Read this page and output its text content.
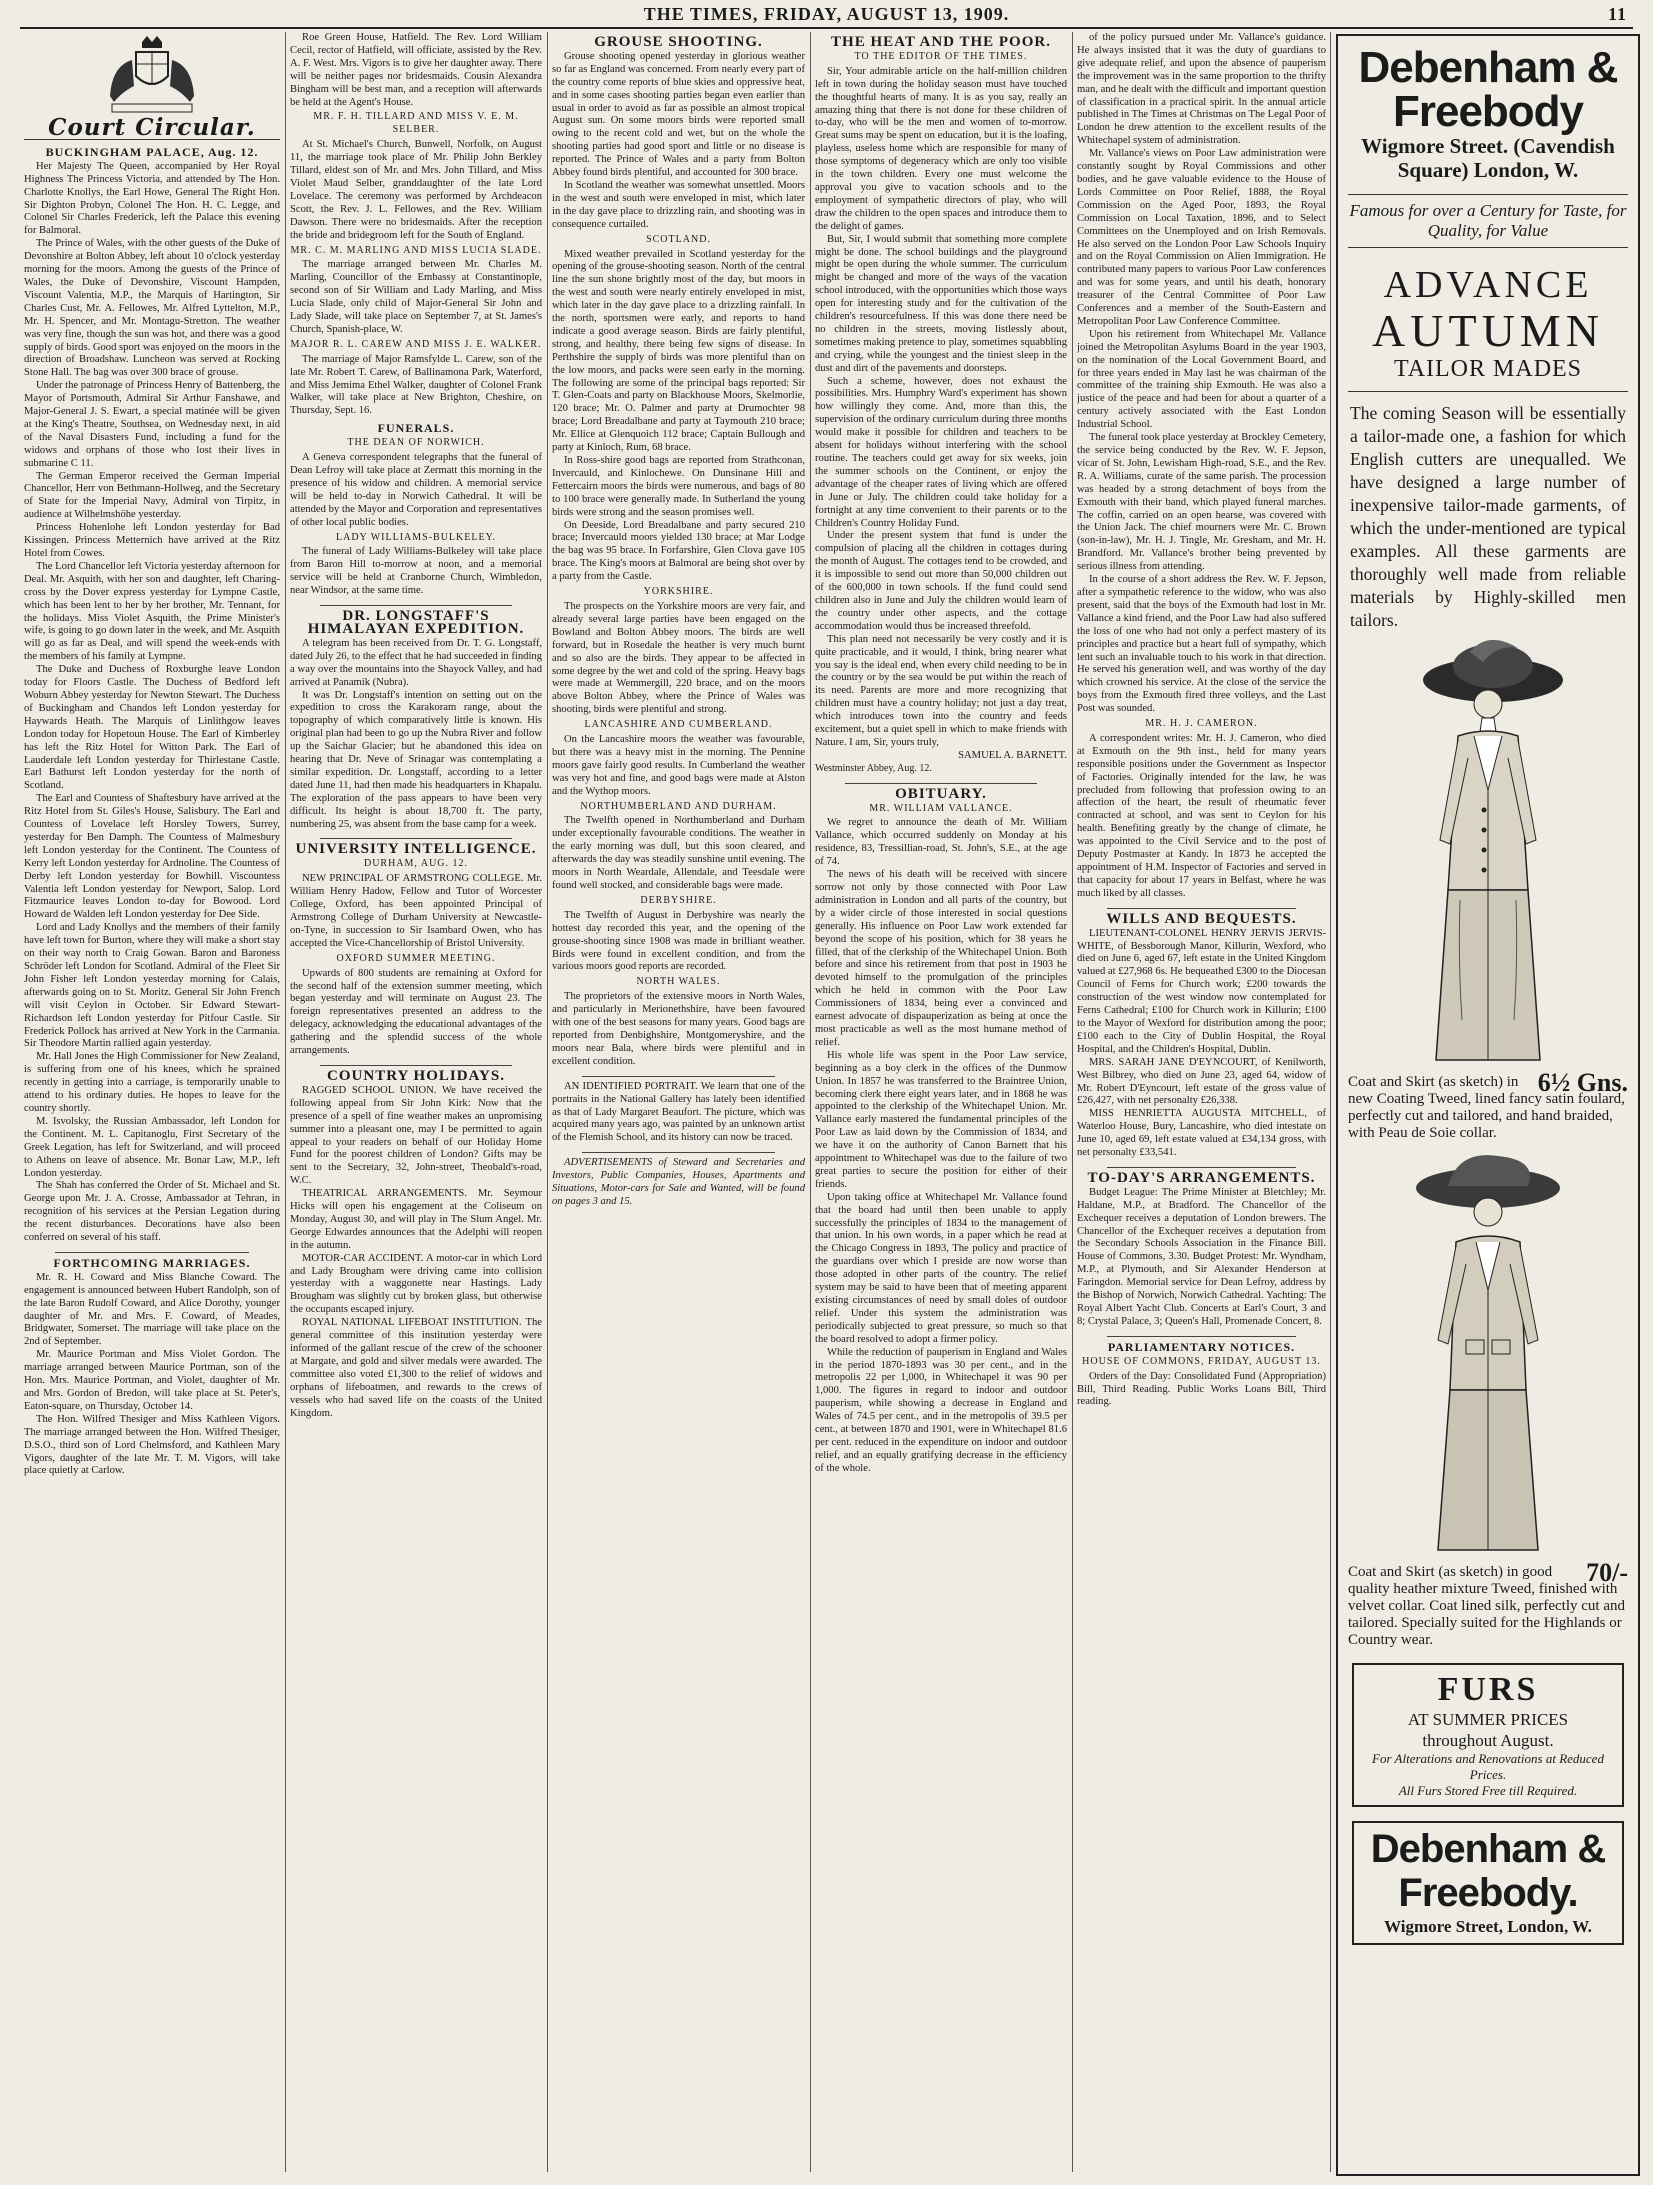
THE TIMES, FRIDAY, AUGUST 13, 1909.	11
Court Circular.
BUCKINGHAM PALACE, Aug. 12.

Her Majesty The Queen, accompanied by Her Royal Highness The Princess Victoria, and attended by The Hon. Charlotte Knollys, the Earl Howe, General The Right Hon. Sir Dighton Probyn, Colonel The Hon. H. C. Legge, and Colonel Sir Charles Frederick, left the Palace this evening for Balmoral.

The Prince of Wales, with the other guests of the Duke of Devonshire at Bolton Abbey, left about 10 o'clock yesterday morning for the moors. Among the guests of the Prince of Wales, the Duke of Devonshire, Viscount Hampden, Viscount Valentia, M.P., the Marquis of Hartington, Sir Charles Cust, Mr. A. Fellowes, Mr. Alfred Lyttelton, M.P., Mr. H. Spencer, and Mr. Montagu-Stretton. The weather was very fine, though the sun was hot, and there was a good supply of birds. Good sport was enjoyed on the moors in the direction of Broadshaw. Luncheon was served at Rocking Stone Hall. The bag was over 300 brace of grouse.

Under the patronage of Princess Henry of Battenberg, the Mayor of Portsmouth, Admiral Sir Arthur Fanshawe, and Major-General J. S. Ewart, a special matinée will be given at the King's Theatre, Southsea, on Wednesday next, in aid of the Naval Disasters Fund, including a fund for the widows and orphans of those who lost their lives in submarine C 11.

The German Emperor received the German Imperial Chancellor, Herr von Bethmann-Hollweg, and the Secretary of State for the Imperial Navy, Admiral von Tirpitz, in audience at Wilhelmshöhe yesterday.

Princess Hohenlohe left London yesterday for Bad Kissingen. Princess Metternich have arrived at the Ritz Hotel from Cowes.

The Lord Chancellor left Victoria yesterday afternoon for Deal. Mr. Asquith, with her son and daughter, left Charing-cross by the Dover express yesterday for Lympne Castle, which has been lent to her by her brother, Mr. Tennant, for the holidays. Miss Violet Asquith, the Prime Minister's wife, is going to go down later in the week, and Mr. Asquith will go as far as Deal, and will spend the week-ends with the members of his family at Lympne.

The Duke and Duchess of Roxburghe leave London today for Floors Castle. The Duchess of Bedford left Woburn Abbey yesterday for Newton Stewart. The Duchess of Buckingham and Chandos left London yesterday for Haywards Heath. The Marquis of Linlithgow leaves London today for Hopetoun House. The Earl of Kimberley has left the Ritz Hotel for Witton Park. The Earl of Lauderdale left London yesterday for Thirlestane Castle. Earl Bathurst left London yesterday for the north of Scotland.

The Earl and Countess of Shaftesbury have arrived at the Ritz Hotel from St. Giles's House, Salisbury. The Earl and Countess of Lovelace left Horsley Towers, Surrey, yesterday for Ben Damph. The Countess of Malmesbury left London yesterday for the Continent. The Countess of Kerry left London yesterday for Ardnoline. The Countess of Derby left London yesterday for Bowhill. Viscountess Valentia left London yesterday for Newport, Salop. Lord Fitzmaurice leaves London to-day for Bowood. Lord Howard de Walden left London yesterday for Dee Side.

Lord and Lady Knollys and the members of their family have left town for Burton, where they will make a short stay on their way north to Craig Gowan. Baron and Baroness Schröder left London for Scotland. Admiral of the Fleet Sir John Fisher left London yesterday morning for Calais, afterwards going on to St. Moritz. General Sir John French will visit Ceylon in October. Sir Edward Stewart-Richardson left London yesterday for Pitfour Castle. Sir Frederick Pollock has arrived at New York in the Carmania. Sir Theodore Martin rallied again yesterday.

Mr. Hall Jones the High Commissioner for New Zealand, is suffering from one of his knees, which he sprained recently in getting into a carriage, is temporarily unable to attend to his ordinary duties. He hopes to leave for the country shortly.

M. Isvolsky, the Russian Ambassador, left London for the Continent. M. L. Capitanoglu, First Secretary of the Greek Legation, has left for Switzerland, and will proceed to Athens on leave of absence. Mr. Bonar Law, M.P., left London yesterday.

The Shah has conferred the Order of St. Michael and St. George upon Mr. J. A. Crosse, Ambassador at Tehran, in recognition of his services at the Persian Legation during the recent disturbances. Decorations have also been conferred on several of his staff.

FORTHCOMING MARRIAGES.

Mr. R. H. Coward and Miss Blanche Coward. The engagement is announced between Hubert Randolph, son of the late Baron Rudolf Coward, and Alice Dorothy, younger daughter of Mr. and Mrs. F. Coward, of Meades, Bridgwater, Somerset. The marriage will take place on the 2nd of September.

Mr. Maurice Portman and Miss Violet Gordon. The marriage arranged between Maurice Portman, son of the Hon. Mrs. Maurice Portman, and Violet, daughter of Mr. and Mrs. Gordon of Bredon, will take place at St. Peter's, Eaton-square, on Thursday, October 14.

The Hon. Wilfred Thesiger and Miss Kathleen Vigors. The marriage arranged between the Hon. Wilfred Thesiger, D.S.O., third son of Lord Chelmsford, and Kathleen Mary Vigors, daughter of the late Mr. T. M. Vigors, will take place quietly at Carlow.

Roe Green House, Hatfield. The Rev. Lord William Cecil, rector of Hatfield, will officiate, assisted by the Rev. A. F. West. Mrs. Vigors is to give her daughter away. There will be neither pages nor bridesmaids. Cousin Alexandra Bingham will be best man, and a reception will afterwards be held at the Agent's House.

MR. F. H. TILLARD AND MISS V. E. M. SELBER.

At St. Michael's Church, Bunwell, Norfolk, on August 11, the marriage took place of Mr. Philip John Berkley Tillard, eldest son of Mr. and Mrs. John Tillard, and Miss Violet Maud Selber, granddaughter of the late Lord Lovelace. The ceremony was performed by Archdeacon Scott, the Rev. J. L. Fellowes, and the Rev. William Dawson. There were no bridesmaids. After the reception the bride and bridegroom left for the South of England.

MR. C. M. MARLING AND MISS LUCIA SLADE.

The marriage arranged between Mr. Charles M. Marling, Councillor of the Embassy at Constantinople, second son of Sir William and Lady Marling, and Miss Lucia Slade, only child of Major-General Sir John and Lady Slade, will take place on September 7, at St. James's Church, Spanish-place, W.

MAJOR R. L. CAREW AND MISS J. E. WALKER.

The marriage of Major Ramsfylde L. Carew, son of the late Mr. Robert T. Carew, of Ballinamona Park, Waterford, and Miss Jemima Ethel Walker, daughter of Colonel Frank Walker, will take place at New Brighton, Cheshire, on Thursday, Sept. 16.

FUNERALS.
THE DEAN OF NORWICH.

A Geneva correspondent telegraphs that the funeral of Dean Lefroy will take place at Zermatt this morning in the presence of his widow and children. A memorial service will be held to-day in Norwich Cathedral. It will be attended by the Mayor and Corporation and representatives of other local public bodies.

LADY WILLIAMS-BULKELEY.

The funeral of Lady Williams-Bulkeley will take place from Baron Hill to-morrow at noon, and a memorial service will be held at Cranborne Church, Wimbledon, near Windsor, at the same time.

DR. LONGSTAFF'S HIMALAYAN EXPEDITION.

A telegram has been received from Dr. T. G. Longstaff, dated July 26, to the effect that he had succeeded in finding a way over the mountains into the Shayock Valley, and had arrived at Panamik (Nubra).

It was Dr. Longstaff's intention on setting out on the expedition to cross the Karakoram range, about the topography of which comparatively little is known. His original plan had been to go up the Nubra River and follow up the Saichar Glacier; but he abandoned this idea on hearing that Dr. Neve of Srinagar was contemplating a similar expedition. Dr. Longstaff, according to a letter dated June 11, had then made his headquarters in Khapalu. The exploration of the pass appears to have been very difficult. Its height is about 18,700 ft. The party, numbering 25, was absent from the base camp for a week.

UNIVERSITY INTELLIGENCE.
DURHAM, AUG. 12.

NEW PRINCIPAL OF ARMSTRONG COLLEGE. Mr. William Henry Hadow, Fellow and Tutor of Worcester College, Oxford, has been appointed Principal of Armstrong College of Durham University at Newcastle-on-Tyne, in succession to Sir Isambard Owen, who has accepted the Vice-Chancellorship of Bristol University.

OXFORD SUMMER MEETING.

Upwards of 800 students are remaining at Oxford for the second half of the extension summer meeting, which began yesterday and will terminate on August 23. The foreign representatives presented an address to the delegacy, acknowledging the educational advantages of the gathering and the splendid success of the whole arrangements.

COUNTRY HOLIDAYS.

RAGGED SCHOOL UNION. We have received the following appeal from Sir John Kirk: Now that the presence of a spell of fine weather makes an unpromising summer into a pleasant one, may I be permitted to again appeal to your readers on behalf of our Holiday Home Fund for the poorest children of London? Gifts may be sent to the Secretary, 32, John-street, Theobald's-road, W.C.

THEATRICAL ARRANGEMENTS. Mr. Seymour Hicks will open his engagement at the Coliseum on Monday, August 30, and will play in The Slum Angel. Mr. George Edwardes announces that the Adelphi will reopen in the autumn.

MOTOR-CAR ACCIDENT. A motor-car in which Lord and Lady Brougham were driving came into collision yesterday with a waggonette near Hastings. Lady Brougham was slightly cut by broken glass, but otherwise the occupants escaped injury.

ROYAL NATIONAL LIFEBOAT INSTITUTION. The general committee of this institution yesterday were informed of the gallant rescue of the crew of the schooner at Margate, and gold and silver medals were awarded. The committee also voted £1,300 to the relief of widows and orphans of lifeboatmen, and rewards to the crews of vessels who had saved life on the coasts of the United Kingdom.

GROUSE SHOOTING.

Grouse shooting opened yesterday in glorious weather so far as England was concerned. From nearly every part of the country come reports of blue skies and oppressive heat, and in some cases shooting parties began even earlier than usual in order to avoid as far as possible an almost tropical August sun. On some moors birds were reported small owing to the recent cold and wet, but on the whole the shooting parties had good sport and little or no disease is reported. The Prince of Wales and a party from Bolton Abbey found birds plentiful, and accounted for 300 brace.

In Scotland the weather was somewhat unsettled. Moors in the west and south were enveloped in mist, which later in the day gave place to drizzling rain, and shooting was in consequence curtailed.

SCOTLAND.

Mixed weather prevailed in Scotland yesterday for the opening of the grouse-shooting season. North of the central line the sun shone brightly most of the day, but moors in the west and south were nearly entirely enveloped in mist, which later in the day gave place to a drizzling rainfall. In the north, sportsmen were early, and reports to hand indicate a good average season. Birds are fairly plentiful, strong, and healthy, there being few signs of disease. In Perthshire the supply of birds was more plentiful than on the low moors, and packs were seen early in the morning. The following are some of the principal bags reported: Sir T. Glen-Coats and party on Blackhouse Moors, Skelmorlie, 120 brace; Mr. O. Palmer and party at Drumochter 98 brace; Lord Breadalbane and party at Taymouth 210 brace; Mr. Ellice at Glenquoich 112 brace; Captain Bullough and party at Kinloch, Rum, 68 brace.

In Ross-shire good bags are reported from Strathconan, Invercauld, and Kinlochewe. On Dunsinane Hill and Fettercairn moors the birds were numerous, and bags of 80 to 100 brace were generally made. In Sutherland the young birds were strong and the season promises well.

On Deeside, Lord Breadalbane and party secured 210 brace; Invercauld moors yielded 130 brace; at Mar Lodge the bag was 95 brace. In Forfarshire, Glen Clova gave 105 brace. The King's moors at Balmoral are being shot over by a party from the Castle.

YORKSHIRE.

The prospects on the Yorkshire moors are very fair, and already several large parties have been engaged on the Bowland and Bolton Abbey moors. The birds are well forward, but in Rosedale the heather is very much burnt and so also are the birds. They appear to be affected in some degree by the wet and cold of the spring. Heavy bags were made at Wemmergill, 220 brace, and on the moors above Bolton Abbey, where the Prince of Wales was shooting, birds were plentiful and strong.

LANCASHIRE AND CUMBERLAND.

On the Lancashire moors the weather was favourable, but there was a heavy mist in the morning. The Pennine moors gave fairly good results. In Cumberland the weather was very hot and fine, and good bags were made at Alston and the Wythop moors.

NORTHUMBERLAND AND DURHAM.

The Twelfth opened in Northumberland and Durham under exceptionally favourable conditions. The weather in the early morning was dull, but this soon cleared, and afterwards the day was steadily sunshine until evening. The moors in North Weardale, Allendale, and Teesdale were found well stocked, and considerable bags were made.

DERBYSHIRE.

The Twelfth of August in Derbyshire was nearly the hottest day recorded this year, and the opening of the grouse-shooting since 1908 was made in brilliant weather. Birds were found in excellent condition, and from the various moors good reports are recorded.

NORTH WALES.

The proprietors of the extensive moors in North Wales, and particularly in Merionethshire, have been favoured with one of the best seasons for many years. Good bags are reported from Denbighshire, Montgomeryshire, and the moors near Bala, where birds were plentiful and in excellent condition.

AN IDENTIFIED PORTRAIT. We learn that one of the portraits in the National Gallery has lately been identified as that of Lady Margaret Beaufort. The picture, which was acquired many years ago, was painted by an unknown artist of the Flemish School, and its history can now be traced.

ADVERTISEMENTS of Steward and Secretaries and Investors, Public Companies, Houses, Apartments and Situations, Motor-cars for Sale and Wanted, will be found on pages 3 and 15.

THE HEAT AND THE POOR.
TO THE EDITOR OF THE TIMES.

Sir, Your admirable article on the half-million children left in town during the holiday season must have touched the thoughtful hearts of many. It is as you say, really an amazing thing that there is not done for these children of to-day, who will be the men and women of to-morrow. Great sums may be spent on education, but it is the loafing, playless, useless home which are responsible for many of those symptoms of degeneracy which are only too visible in the town children. Every one must welcome the approval you give to vacation schools and to the employment of sympathetic directors of play, who will draw the children to the open spaces and introduce them to the delight of games.

But, Sir, I would submit that something more complete might be done. The school buildings and the playground might be open during the whole summer. The curriculum might be changed and more of the ways of the vacation school introduced, with the opportunities which those ways open for interesting study and for the cultivation of the children's resourcefulness. If this was done there need be no children in the streets, moving listlessly about, sometimes making pretence to play, sometimes squabbling and crying, while the youngest and the tiniest sleep in the dust and dirt of the pavements and doorsteps.

Such a scheme, however, does not exhaust the possibilities. Mrs. Humphry Ward's experiment has shown how willingly they come. And, more than this, the supervision of the ordinary curriculum during three months would make it possible for children and teachers to be absent for holidays without interfering with the school routine. The teachers could get away for six weeks, join the summer schools on the Continent, or enjoy the advantage of the cheaper rates of living which are offered in June or July. The children could take holiday for a fortnight at any time convenient to their parents or to the Children's Country Holiday Fund.

Under the present system that fund is under the compulsion of placing all the children in cottages during the month of August. The cottages tend to be crowded, and it is impossible to send out more than 50,000 children out of the 600,000 in town schools. If the fund could send children also in June and July the children would learn of the country under other aspects, and the cottage accommodation would thus be increased threefold.

This plan need not necessarily be very costly and it is quite practicable, and it would, I think, bring nearer what you say is the ideal end, when every child needing to be in the country or by the sea would be put within the reach of its need. Parents are more and more recognizing that children must have a country holiday; not just a day treat, which introduces town into the country and feeds excitement, but a quiet spell in which to make friends with Nature. I am, Sir, yours truly,

SAMUEL A. BARNETT.
Westminster Abbey, Aug. 12.
OBITUARY.
MR. WILLIAM VALLANCE.

We regret to announce the death of Mr. William Vallance, which occurred suddenly on Monday at his residence, 83, Tressillian-road, St. John's, S.E., at the age of 74.

The news of his death will be received with sincere sorrow not only by those connected with Poor Law administration in London and all parts of the country, but by a wider circle of those interested in social questions generally. His influence on Poor Law work extended far beyond the scope of his position, which for 38 years he filled, that of the clerkship of the Whitechapel Union. Both before and since his retirement from that post in 1903 he devoted himself to the promulgation of the principles which he held in common with the Poor Law Commissioners of 1834, being ever a convinced and earnest advocate of dispauperization as being at once the most practicable as well as the most humane method of relief.

His whole life was spent in the Poor Law service, beginning as a boy clerk in the offices of the Dunmow Union. In 1857 he was transferred to the Braintree Union, becoming clerk there eight years later, and in 1868 he was appointed to the clerkship of the Whitechapel Union. Mr. Vallance early mastered the fundamental principles of the Poor Law as laid down by the Commission of 1834, and we have it on the authority of Canon Barnett that his appointment to Whitechapel was due to the failure of two great parties to secure the position for either of their friends.

Upon taking office at Whitechapel Mr. Vallance found that the board had until then been unable to apply successfully the principles of 1834 to the management of that union. In his own words, in a paper which he read at the Chicago Congress in 1893, The policy and practice of the guardians over which I preside are now worse than those adopted in other parts of the country. The relief system may be said to have been that of meeting apparent existing circumstances of need by small doles of outdoor relief. Under this system the administration was periodically subjected to great pressure, so much so that the board resolved to adopt a firmer policy.

While the reduction of pauperism in England and Wales in the period 1870-1893 was 30 per cent., and in the metropolis 22 per 1,000, in Whitechapel it was 90 per 1,000. The figures in regard to indoor and outdoor pauperism, while showing a decrease in England and Wales of 74.5 per cent., and in the metropolis of 39.5 per cent., at between 1870 and 1901, were in Whitechapel 81.6 per cent. reduced in the expenditure on indoor and outdoor relief, and an equally gratifying decrease in the efficiency of the whole.

of the policy pursued under Mr. Vallance's guidance. He always insisted that it was the duty of guardians to give adequate relief, and upon the absence of pauperism the improvement was in the same proportion to the thrifty man, and he dealt with the difficult and important question of classification in a practical spirit. In the annual article published in The Times at Christmas on The Legal Poor of London he drew attention to the excellent results of the Whitechapel system of administration.

Mr. Vallance's views on Poor Law administration were constantly sought by Royal Commissions and other bodies, and he gave valuable evidence to the House of Lords Committee on Poor Relief, 1888, the Royal Commission on the Aged Poor, 1893, the Royal Commission on Local Taxation, 1896, and to Select Committees on the Unemployed and on Irish Removals. He also served on the London Poor Law Schools Inquiry and on the Royal Commission on Alien Immigration. He contributed many papers to various Poor Law conferences and was for some years, and until his death, honorary treasurer of the Central Committee of Poor Law Conferences and a member of the South-Eastern and Metropolitan Poor Law Conference Committee.

Upon his retirement from Whitechapel Mr. Vallance joined the Metropolitan Asylums Board in the year 1903, on the nomination of the Local Government Board, and for three years ended in May last he was chairman of the committee of the training ship Exmouth. He was also a justice of the peace and had been for about a quarter of a century actively associated with the East London Industrial School.

The funeral took place yesterday at Brockley Cemetery, the service being conducted by the Rev. W. F. Jepson, vicar of St. John, Lewisham High-road, S.E., and the Rev. R. A. Williams, curate of the same parish. The procession was headed by a strong detachment of boys from the Exmouth with their band, which played funeral marches. The coffin, carried on an open hearse, was covered with the Union Jack. The chief mourners were Mr. C. Brown (son-in-law), Mr. H. J. Tingle, Mr. Gresham, and Mr. H. Brandford. Mr. Vallance's brother being prevented by serious illness from attending.

In the course of a short address the Rev. W. F. Jepson, after a sympathetic reference to the widow, who was also present, said that the boys of the Exmouth had lost in Mr. Vallance a kind friend, and the Poor Law had also suffered the loss of one who had not only a perfect mastery of its principles and practice but a heart full of sympathy, which lent such an invaluable touch to his work in that direction. He served his generation well, and was worthy of the day which crowned his service. At the close of the service the boys from the Exmouth fired three volleys, and the Last Post was sounded.

MR. H. J. CAMERON.

A correspondent writes: Mr. H. J. Cameron, who died at Exmouth on the 9th inst., held for many years responsible positions under the Government as Inspector of Factories. Originally intended for the law, he was precluded from following that profession owing to an affection of the heart, the result of rheumatic fever contracted at school, and was sent to Ceylon for his health. Benefiting greatly by the change of climate, he was appointed to the Civil Service and to the post of Deputy Postmaster at Kandy. In 1873 he accepted the appointment of H.M. Inspector of Factories and served in that capacity for about 17 years in Belfast, where he was much liked by all classes.

WILLS AND BEQUESTS.

LIEUTENANT-COLONEL HENRY JERVIS JERVIS-WHITE, of Bessborough Manor, Killurin, Wexford, who died on June 6, aged 67, left estate in the United Kingdom valued at £27,968 6s. He bequeathed £300 to the Diocesan Council of Ferns for Church work; £200 towards the construction of the west window now contemplated for Ferns Cathedral; £100 for Church work in Killurin; £100 to the Mayor of Wexford for distribution among the poor; £100 each to the City of Dublin Hospital, the Royal Hospital, and the Children's Hospital, Dublin.

MRS. SARAH JANE D'EYNCOURT, of Kenilworth, West Bilbrey, who died on June 23, aged 64, widow of Mr. Robert D'Eyncourt, left estate of the gross value of £26,427, with net personalty £26,338.

MISS HENRIETTA AUGUSTA MITCHELL, of Waterloo House, Bury, Lancashire, who died intestate on June 10, aged 69, left estate valued at £34,134 gross, with net personalty £33,541.

TO-DAY'S ARRANGEMENTS.

Budget League: The Prime Minister at Bletchley; Mr. Haldane, M.P., at Bradford. The Chancellor of the Exchequer receives a deputation of London brewers. The Chancellor of the Exchequer receives a deputation from the Secondary Schools Association in the Finance Bill. House of Commons, 3.30. Budget Protest: Mr. Wyndham, M.P., at Plymouth, and Sir Alexander Henderson at Faringdon. Memorial service for Dean Lefroy, address by the Bishop of Norwich, Norwich Cathedral. Yachting: The Royal Albert Yacht Club. Concerts at Earl's Court, 3 and 8; Crystal Palace, 3; Queen's Hall, Promenade Concert, 8.

PARLIAMENTARY NOTICES.
HOUSE OF COMMONS, FRIDAY, AUGUST 13.

Orders of the Day: Consolidated Fund (Appropriation) Bill, Third Reading. Public Works Loans Bill, Third reading.

Debenham & Freebody
Wigmore Street. (Cavendish Square) London, W.
Famous for over a Century for Taste, for Quality, for Value
ADVANCE
AUTUMN
TAILOR MADES
The coming Season will be essentially a tailor-made one, a fashion for which English cutters are unequalled. We have designed a large number of inexpensive tailor-made garments, of which the under-mentioned are typical examples. All these garments are thoroughly well made from reliable materials by Highly-skilled men tailors.
6½ Gns.
Coat and Skirt (as sketch) in new Coating Tweed, lined fancy satin foulard, perfectly cut and tailored, and hand braided, with Peau de Soie collar.
70/-
Coat and Skirt (as sketch) in good quality heather mixture Tweed, finished with velvet collar. Coat lined silk, perfectly cut and tailored. Specially suited for the Highlands or Country wear.
FURS
AT SUMMER PRICES
throughout August.
For Alterations and Renovations at Reduced Prices.
All Furs Stored Free till Required.
Debenham & Freebody.
Wigmore Street, London, W.
